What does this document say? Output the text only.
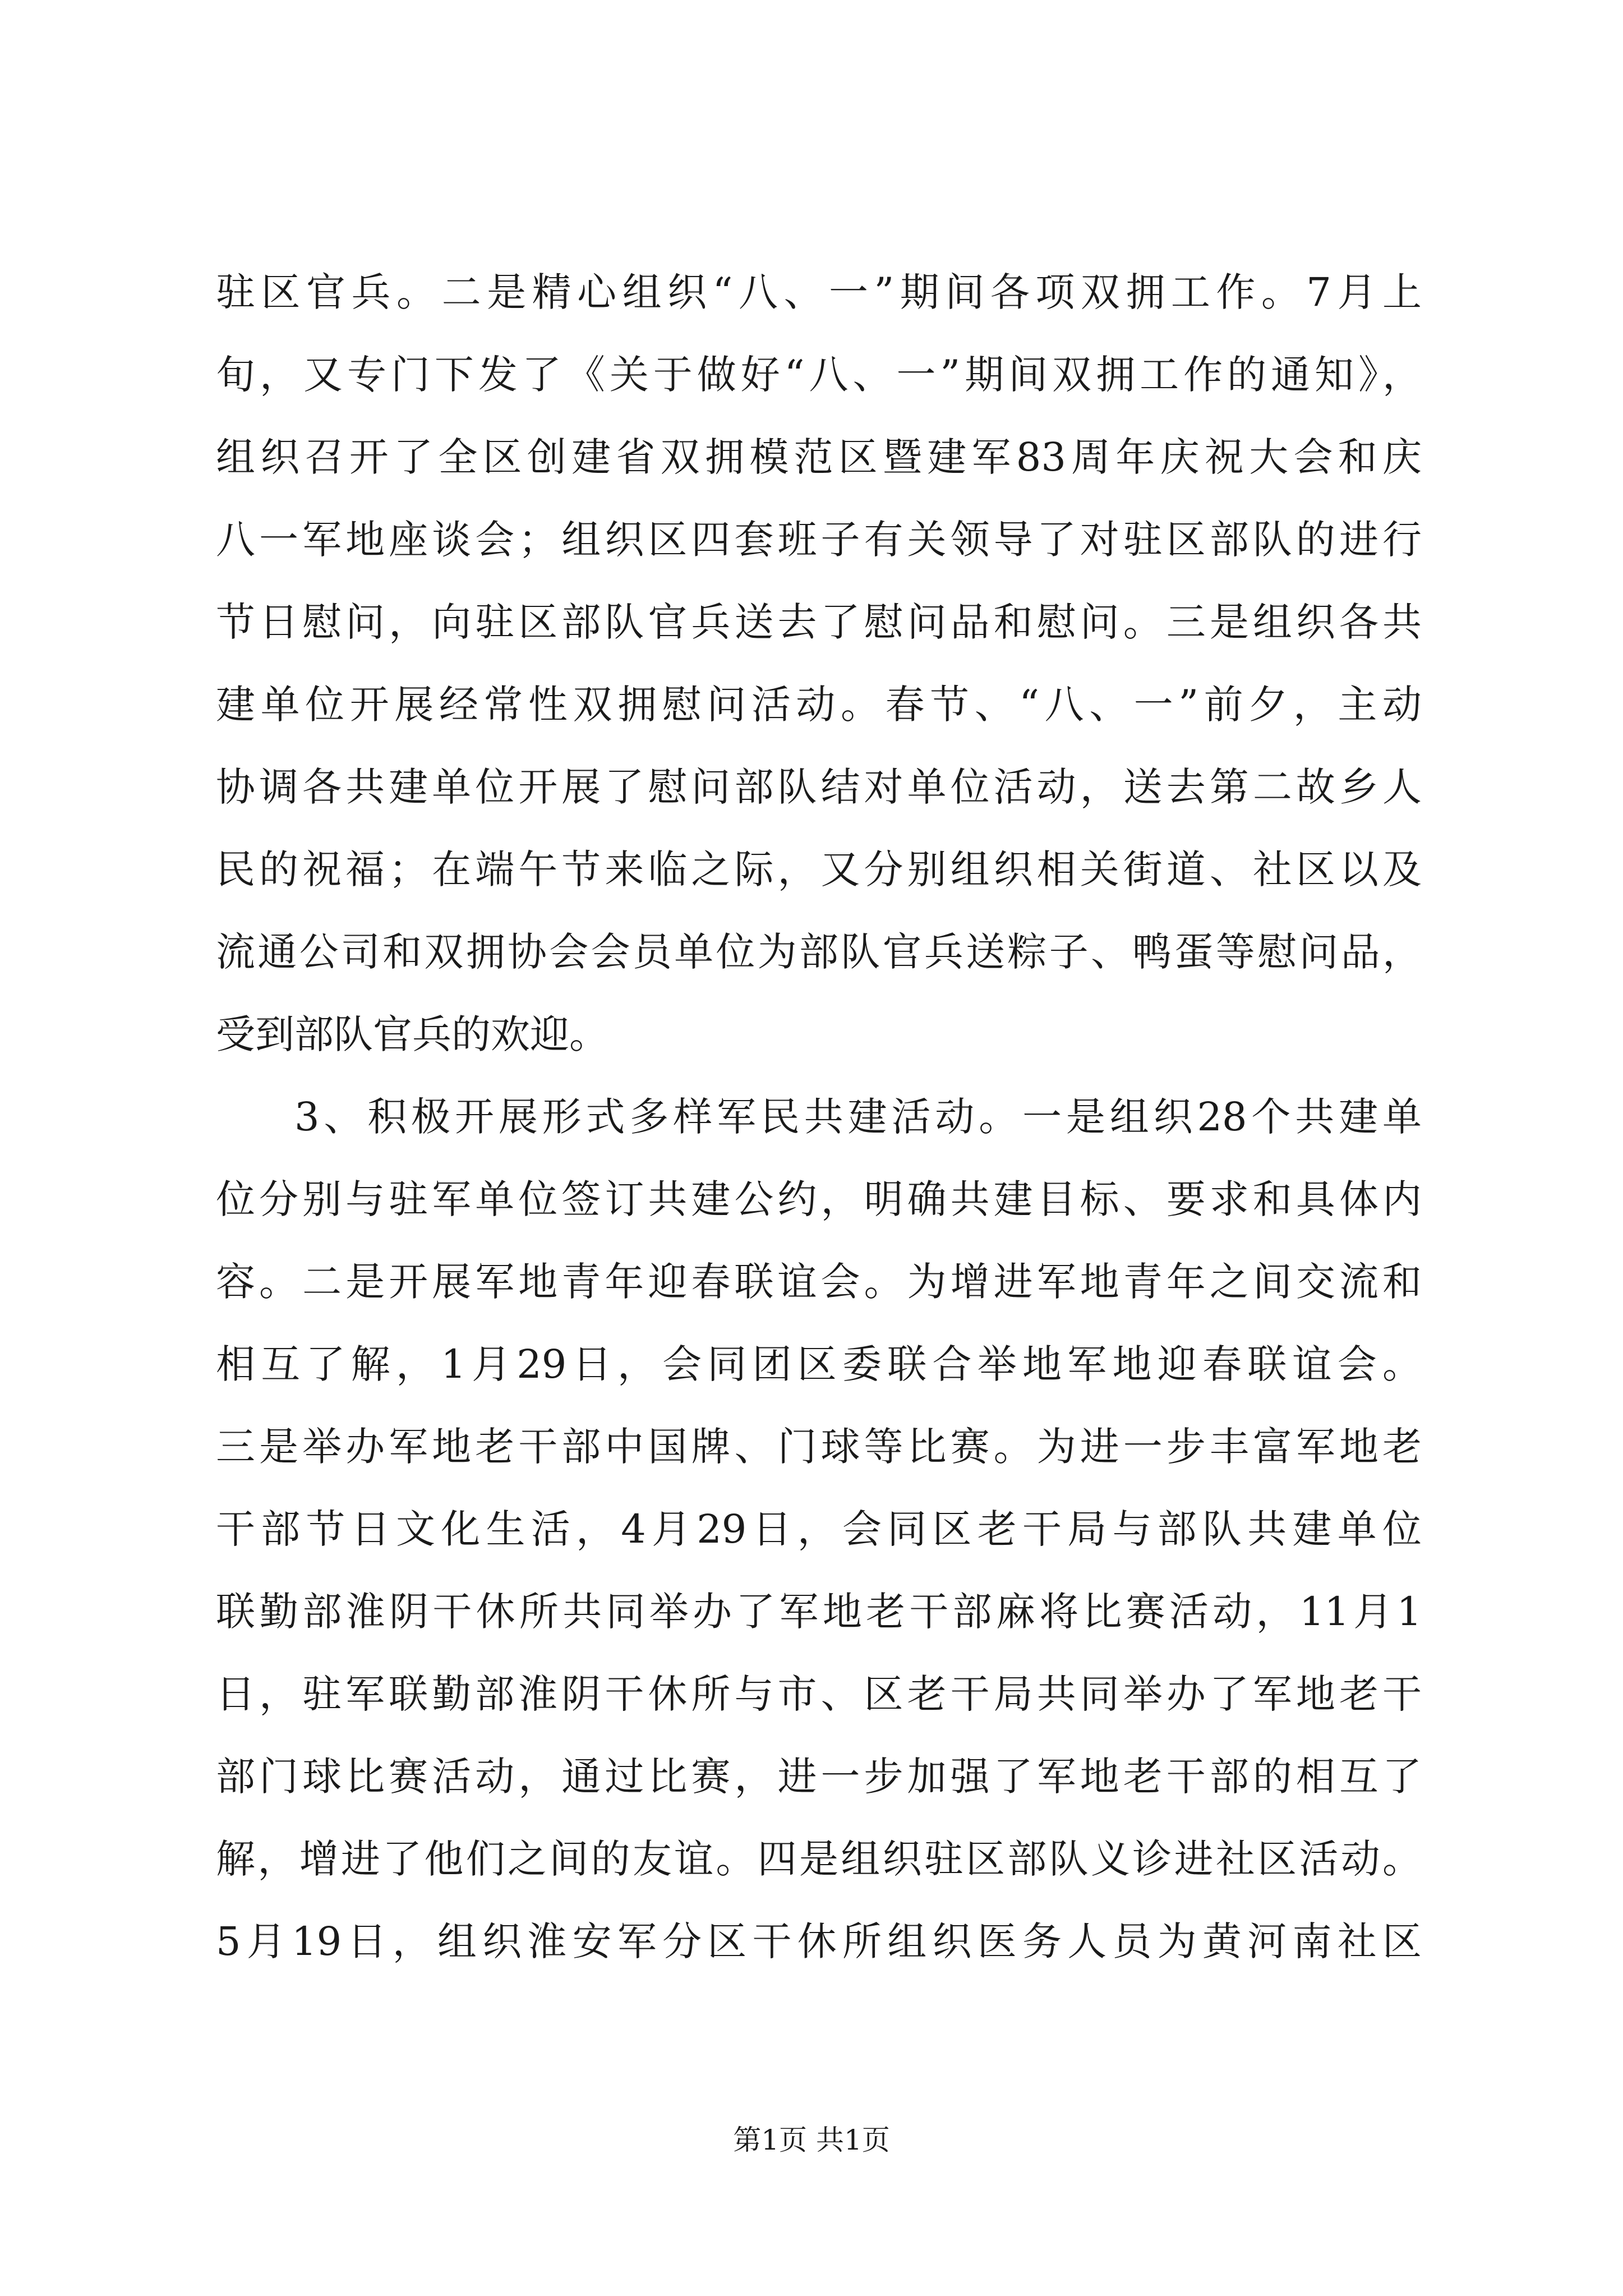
驻区官兵。二是精心组织“八、一”期间各项双拥工作。7月上
旬，又专门下发了《关于做好“八、一”期间双拥工作的通知》，
组织召开了全区创建省双拥模范区暨建军83周年庆祝大会和庆
八一军地座谈会；组织区四套班子有关领导了对驻区部队的进行
节日慰问，向驻区部队官兵送去了慰问品和慰问。三是组织各共
建单位开展经常性双拥慰问活动。春节、“八、一”前夕，主动
协调各共建单位开展了慰问部队结对单位活动，送去第二故乡人
民的祝福；在端午节来临之际，又分别组织相关街道、社区以及
流通公司和双拥协会会员单位为部队官兵送粽子、鸭蛋等慰问品，
受到部队官兵的欢迎。
3、积极开展形式多样军民共建活动。一是组织28个共建单
位分别与驻军单位签订共建公约，明确共建目标、要求和具体内
容。二是开展军地青年迎春联谊会。为增进军地青年之间交流和
相互了解，1月29日，会同团区委联合举地军地迎春联谊会。
三是举办军地老干部中国牌、门球等比赛。为进一步丰富军地老
干部节日文化生活，4月29日，会同区老干局与部队共建单位
联勤部淮阴干休所共同举办了军地老干部麻将比赛活动，11月1
日，驻军联勤部淮阴干休所与市、区老干局共同举办了军地老干
部门球比赛活动，通过比赛，进一步加强了军地老干部的相互了
解，增进了他们之间的友谊。四是组织驻区部队义诊进社区活动。
5月19日，组织淮安军分区干休所组织医务人员为黄河南社区
第1页 共1页
